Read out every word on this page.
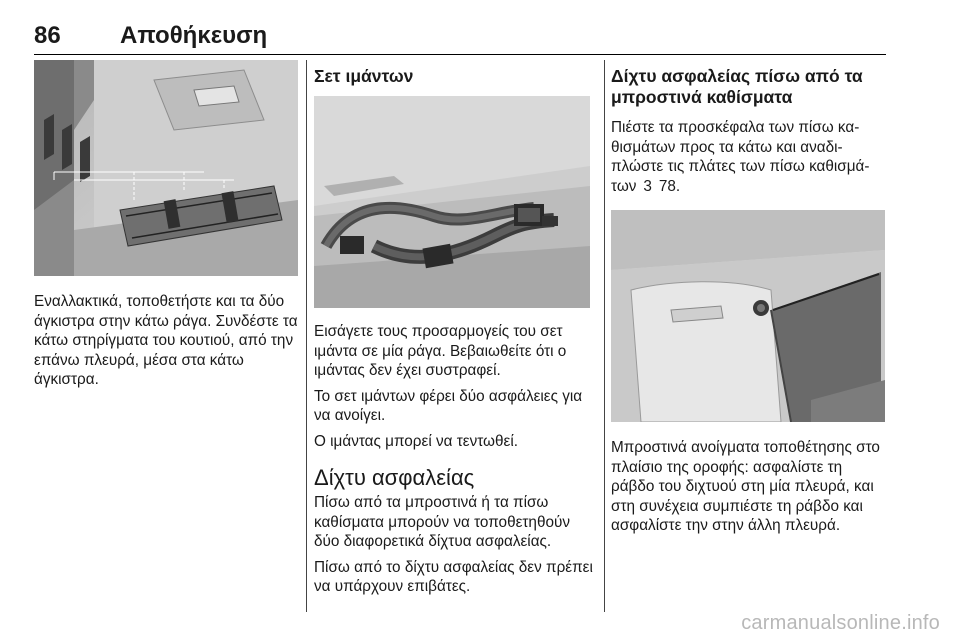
86 Αποθήκευση

Εναλλακτικά, τοποθετήστε και τα δύο άγκιστρα στην κάτω ράγα. Συνδέστε τα κάτω στηρίγματα του κουτιού, από την επάνω πλευρά, μέσα στα κάτω άγκιστρα.

Σετ ιμάντων

Εισάγετε τους προσαρμογείς του σετ ιμάντα σε μία ράγα. Βεβαιωθείτε ότι ο ιμάντας δεν έχει συστραφεί.

Το σετ ιμάντων φέρει δύο ασφάλειες για να ανοίγει.

Ο ιμάντας μπορεί να τεντωθεί.

Δίχτυ ασφαλείας

Πίσω από τα μπροστινά ή τα πίσω καθίσματα μπορούν να τοποθετηθούν δύο διαφορετικά δίχτυα ασφαλείας.

Πίσω από το δίχτυ ασφαλείας δεν πρέπει να υπάρχουν επιβάτες.

Δίχτυ ασφαλείας πίσω από τα μπροστινά καθίσματα

Πιέστε τα προσκέφαλα των πίσω καθισμάτων προς τα κάτω και αναδιπλώστε τις πλάτες των πίσω καθισμάτων 3 78.

Μπροστινά ανοίγματα τοποθέτησης στο πλαίσιο της οροφής: ασφαλίστε τη ράβδο του διχτυού στη μία πλευρά, και στη συνέχεια συμπιέστε τη ράβδο και ασφαλίστε την στην άλλη πλευρά.

carmanualsonline.info
